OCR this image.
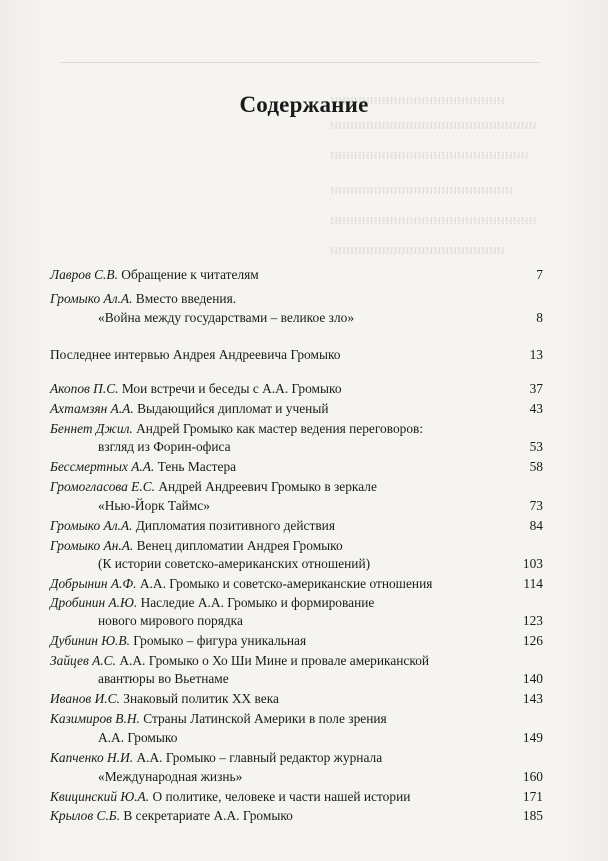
ИИИИИИИИИИИИИИИИИИИИИИ
ИИИИИИИИИИИИИИИИИИИИИИИИИИ
ИИИИИИИИИИИИИИИИИИИИИИИИИ
ИИИИИИИИИИИИИИИИИИИИИИИ
ИИИИИИИИИИИИИИИИИИИИИИИИИИ
ИИИИИИИИИИИИИИИИИИИИИИ
Содержание
Лавров С.В. Обращение к читателям	7
Громыко Ал.А. Вместо введения.
«Война между государствами – великое зло»	8
Последнее интервью Андрея Андреевича Громыко	13
Акопов П.С. Мои встречи и беседы с А.А. Громыко	37
Ахтамзян А.А. Выдающийся дипломат и ученый	43
Беннет Джил. Андрей Громыко как мастер ведения переговоров:
взгляд из Форин-офиса	53
Бессмертных А.А. Тень Мастера	58
Громогласова Е.С. Андрей Андреевич Громыко в зеркале
«Нью-Йорк Таймс»	73
Громыко Ал.А. Дипломатия позитивного действия	84
Громыко Ан.А. Венец дипломатии Андрея Громыко
(К истории советско-американских отношений)	103
Добрынин А.Ф. А.А. Громыко и советско-американские отношения	114
Дробинин А.Ю. Наследие А.А. Громыко и формирование
нового мирового порядка	123
Дубинин Ю.В. Громыко – фигура уникальная	126
Зайцев А.С. А.А. Громыко о Хо Ши Мине и провале американской
авантюры во Вьетнаме	140
Иванов И.С. Знаковый политик XX века	143
Казимиров В.Н. Страны Латинской Америки в поле зрения
А.А. Громыко	149
Капченко Н.И. А.А. Громыко – главный редактор журнала
«Международная жизнь»	160
Квицинский Ю.А. О политике, человеке и части нашей истории	171
Крылов С.Б. В секретариате А.А. Громыко	185
